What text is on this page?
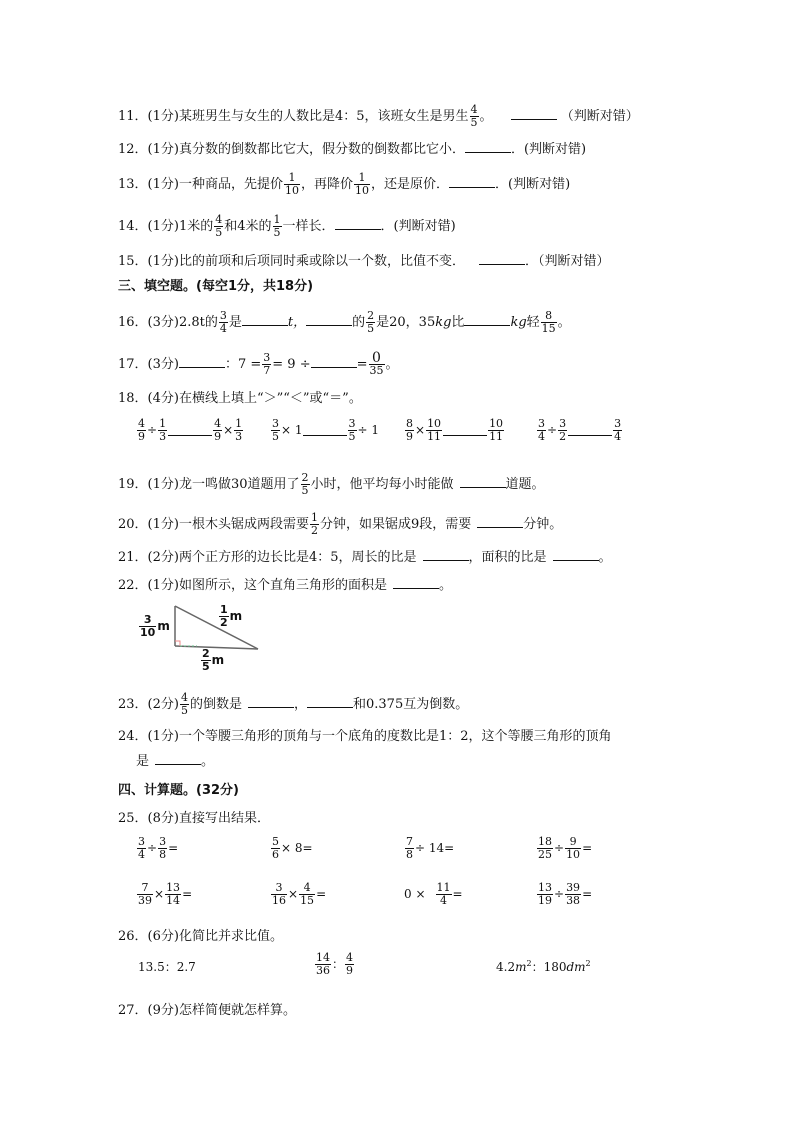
11．(1分)某班男生与女生的人数比是4：5，该班女生是男生 $\frac{4}{5}$ 。	（判断对错）
12．(1分)真分数的倒数都比它大，假分数的倒数都比它小．	．(判断对错)
13．(1分)一种商品，先提价 $\frac{1}{10}$ ，再降价 $\frac{1}{10}$ ，还是原价．	．(判断对错)
14．(1分)1米的 $\frac{4}{5}$ 和4米的 $\frac{1}{5}$ 一样长．	．(判断对错)
15．(1分)比的前项和后项同时乘或除以一个数，比值不变．	．（判断对错）
三、填空题。(每空1分，共18分)
16．(3分)2.8t的 $\frac{3}{4}$ 是	t，	的 $\frac{2}{5}$ 是20，35kg比	kg轻 $\frac{8}{15}$ 。
17．(3分)	：$7 = \frac{3}{7} = 9$ ÷	= 0
35 。
18．(4分)在横线上填上“＞”“＜”或“＝”。
$\frac{4}{9} \div \frac{1}{3}$	$\frac{4}{9} \times \frac{1}{3}$	$\frac{3}{5} \times 1$	$\frac{3}{5} \div 1 \frac{8}{9} \times \frac{10}{11}$	$\frac{10}{11}$	$\frac{3}{4} \div \frac{3}{2}$	$\frac{3}{4}$
19．(1分)龙一鸣做30道题用了 $\frac{2}{5}$ 小时，他平均每小时能做	道题。
20．(1分)一根木头锯成两段需要 $\frac{1}{2}$ 分钟，如果锯成9段，需要	分钟。
21．(2分)两个正方形的边长比是4：5，周长的比是	，面积的比是	。
22．(1分)如图所示，这个直角三角形的面积是	。
$\frac{3}{10}$ m	$\frac{1}{2}$ m
$\frac{2}{5}$ m
23．(2分) $\frac{4}{5}$ 的倒数是	，	和0.375互为倒数。
24．(1分)一个等腰三角形的顶角与一个底角的度数比是1：2，这个等腰三角形的顶角
是	。
四、计算题。(32分)
25．(8分)直接写出结果．
$\frac{3}{4} \div \frac{3}{8}$ =	$\frac{5}{6} \times 8=$	$\frac{7}{8} \div 14=$	$\frac{18}{25} \div \frac{9}{10}$ =
$\frac{7}{39} \times \frac{13}{14}$ =	$\frac{3}{16} \times \frac{4}{15}$ =	$0 \times \frac{11}{4}$ =	$\frac{13}{19} \div \frac{39}{38}$ =
26．(6分)化简比并求比值。
13.5：2.7	$\frac{14}{36}$ ： $\frac{4}{9}$	$4.2m^2$：$180dm^2$
27．(9分)怎样简便就怎样算。
